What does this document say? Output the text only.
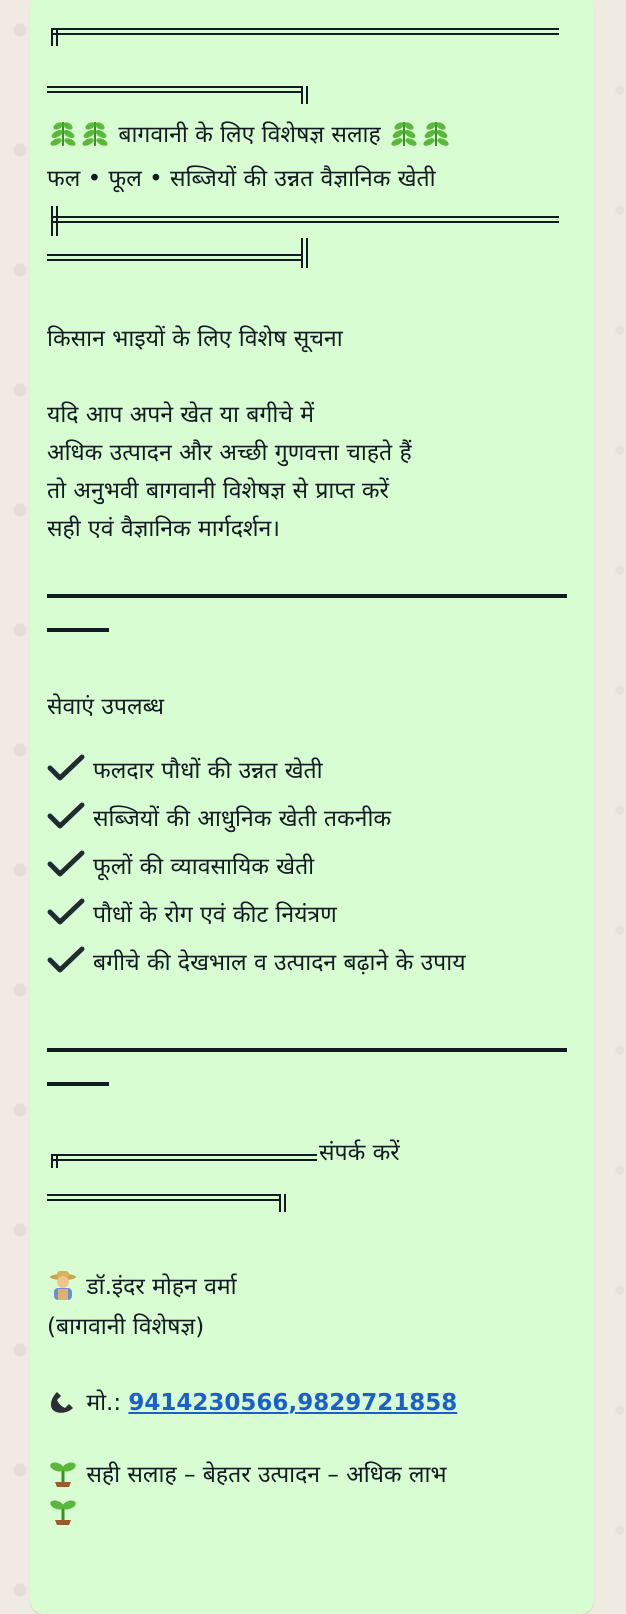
बागवानी के लिए विशेषज्ञ सलाह
फल • फूल • सब्जियों की उन्नत वैज्ञानिक खेती
किसान भाइयों के लिए विशेष सूचना
यदि आप अपने खेत या बगीचे में
अधिक उत्पादन और अच्छी गुणवत्ता चाहते हैं
तो अनुभवी बागवानी विशेषज्ञ से प्राप्त करें
सही एवं वैज्ञानिक मार्गदर्शन।
सेवाएं उपलब्ध
फलदार पौधों की उन्नत खेती
सब्जियों की आधुनिक खेती तकनीक
फूलों की व्यावसायिक खेती
पौधों के रोग एवं कीट नियंत्रण
बगीचे की देखभाल व उत्पादन बढ़ाने के उपाय
संपर्क करें
डॉ.इंदर मोहन वर्मा
(बागवानी विशेषज्ञ)
मो.: 9414230566,9829721858
सही सलाह – बेहतर उत्पादन – अधिक लाभ
